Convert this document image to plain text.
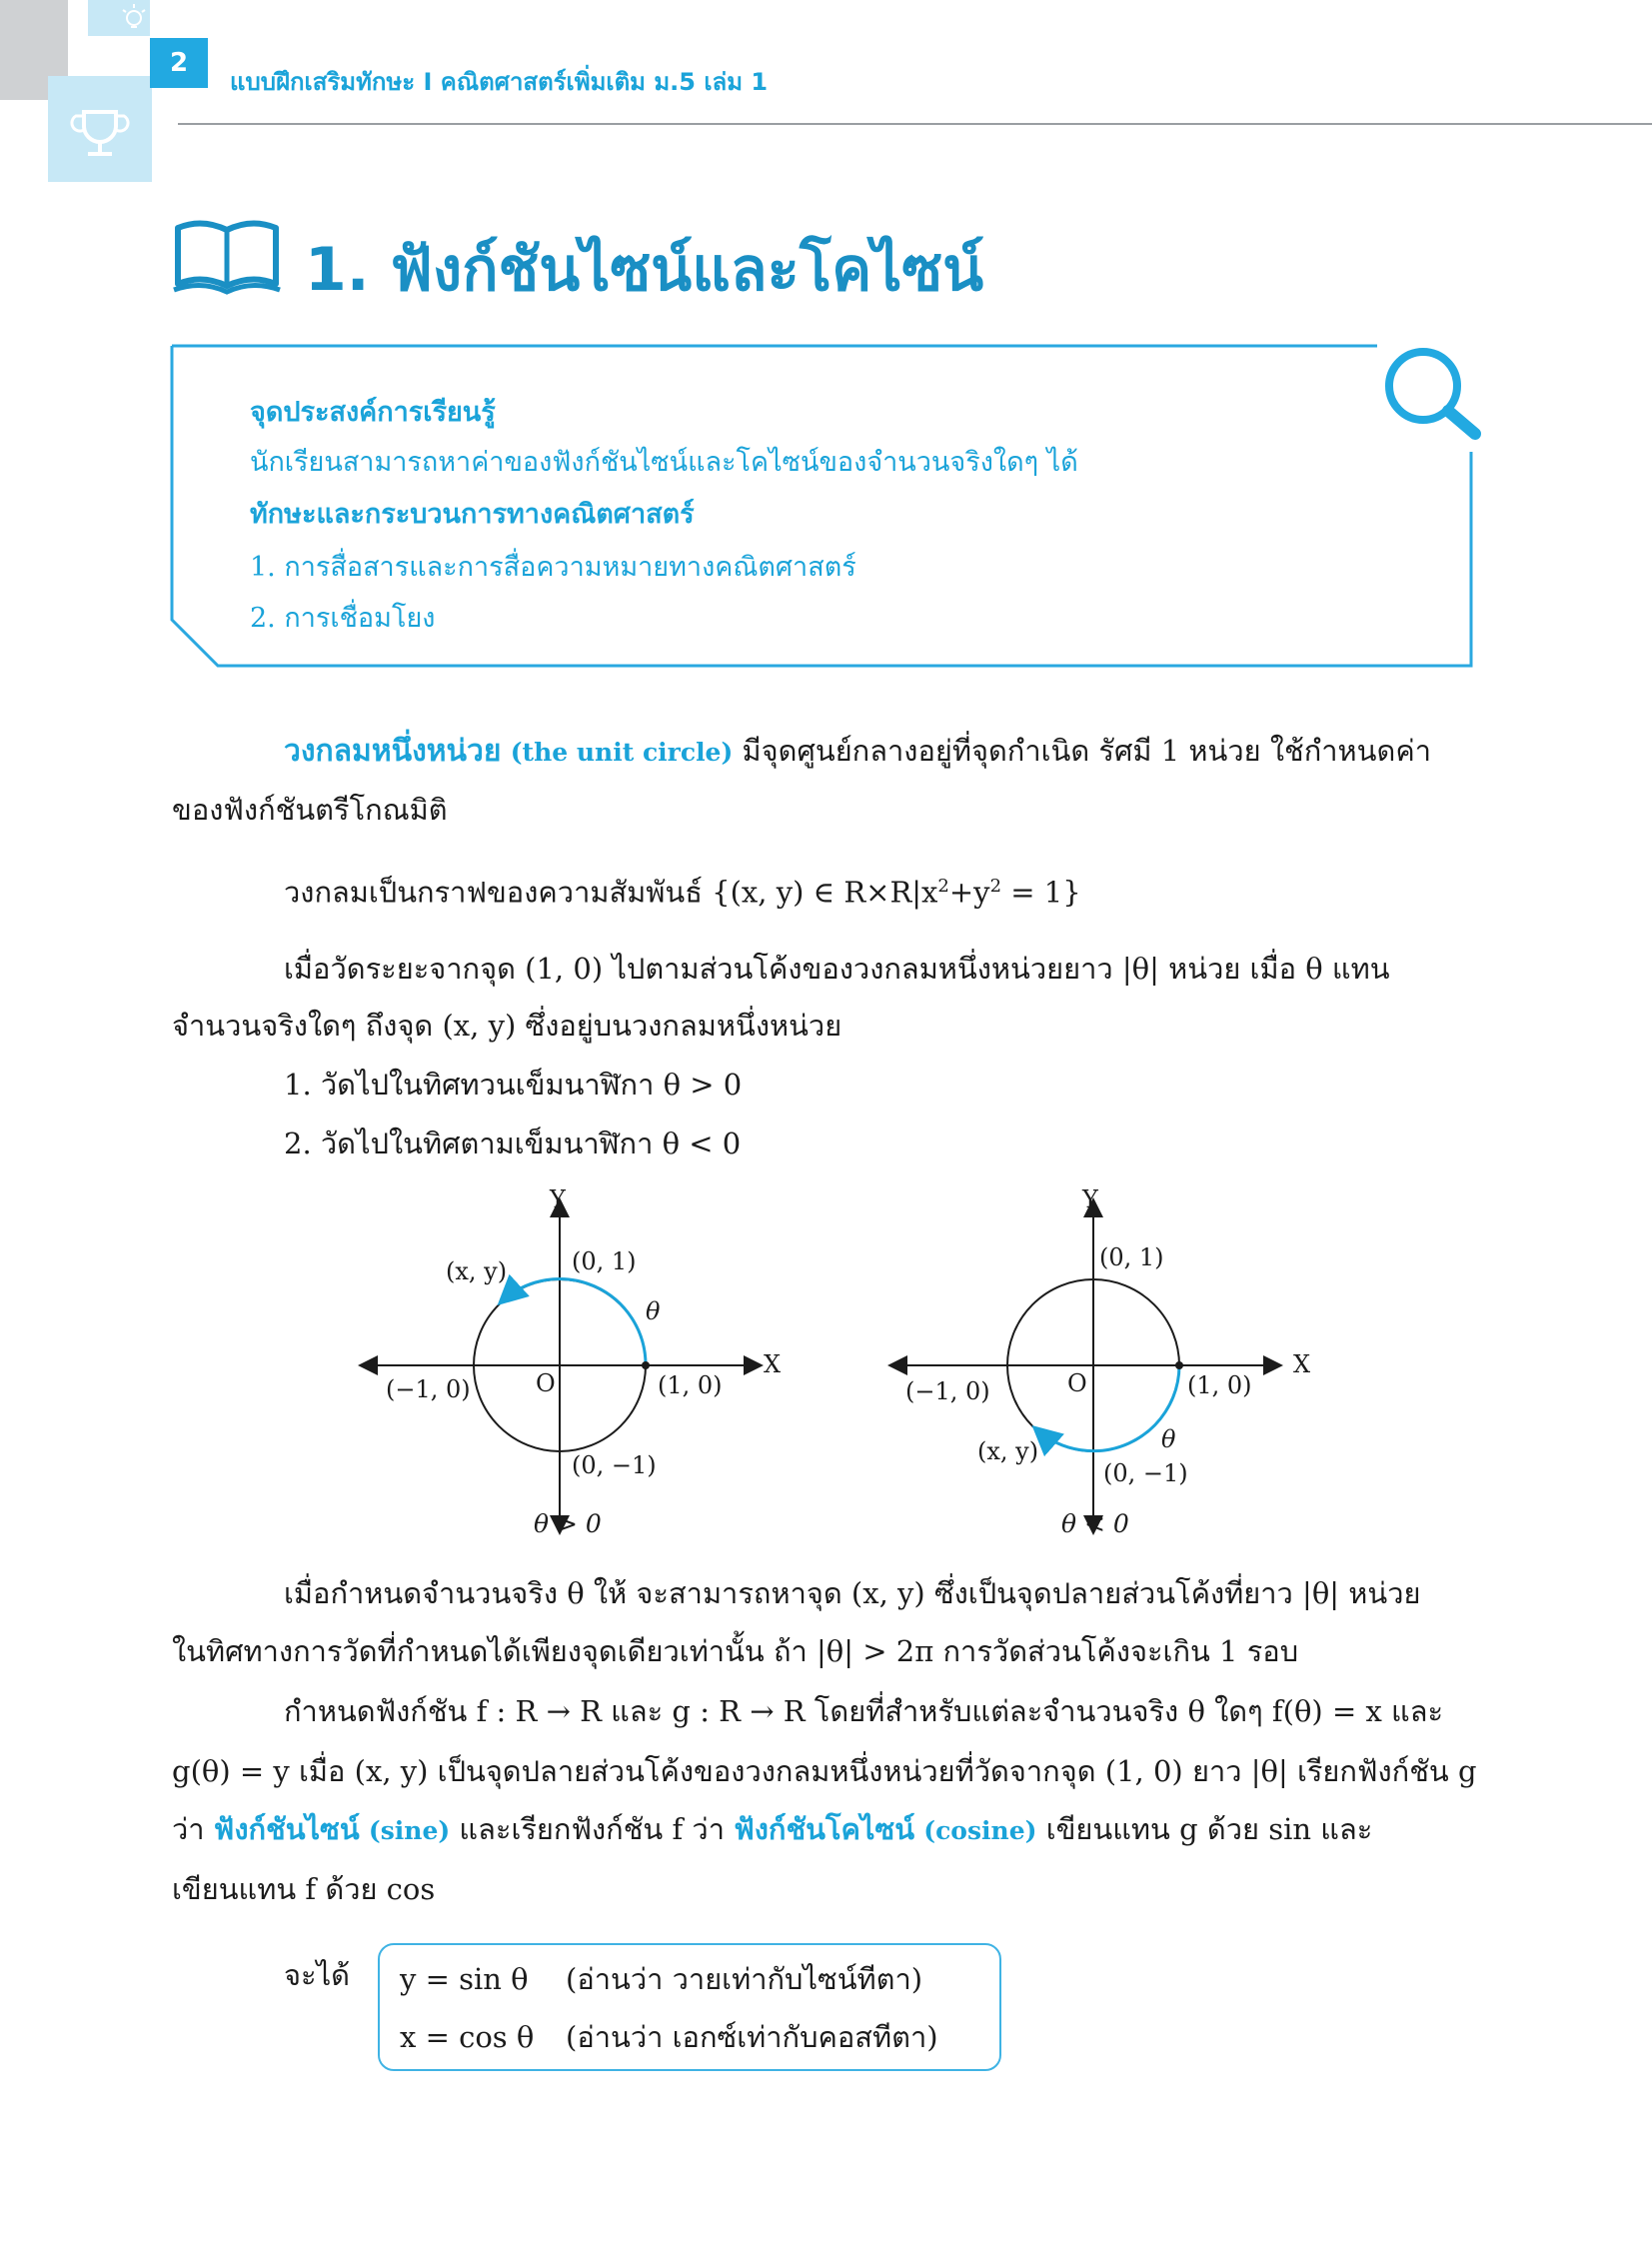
2
แบบฝึกเสริมทักษะ I คณิตศาสตร์เพิ่มเติม ม.5 เล่ม 1
1. ฟังก์ชันไซน์และโคไซน์
จุดประสงค์การเรียนรู้
นักเรียนสามารถหาค่าของฟังก์ชันไซน์และโคไซน์ของจำนวนจริงใดๆ ได้
ทักษะและกระบวนการทางคณิตศาสตร์
1. การสื่อสารและการสื่อความหมายทางคณิตศาสตร์
2. การเชื่อมโยง
วงกลมหนึ่งหน่วย (the unit circle) มีจุดศูนย์กลางอยู่ที่จุดกำเนิด รัศมี 1 หน่วย ใช้กำหนดค่า
ของฟังก์ชันตรีโกณมิติ
วงกลมเป็นกราฟของความสัมพันธ์ {(x, y) ∈ $R\times R|x^2+y^2 = 1$}
เมื่อวัดระยะจากจุด (1, 0) ไปตามส่วนโค้งของวงกลมหนึ่งหน่วยยาว |θ| หน่วย เมื่อ θ แทน
จำนวนจริงใดๆ ถึงจุด (x, y) ซึ่งอยู่บนวงกลมหนึ่งหน่วย
1. วัดไปในทิศทวนเข็มนาฬิกา θ > 0
2. วัดไปในทิศตามเข็มนาฬิกา θ < 0
Y
X
O
(0, 1)
(1, 0)
(−1, 0)
(0, −1)
(x, y)
θ
θ > 0
Y
X
O
(0, 1)
(1, 0)
(−1, 0)
(0, −1)
(x, y)	θ
θ < 0
เมื่อกำหนดจำนวนจริง θ ให้ จะสามารถหาจุด (x, y) ซึ่งเป็นจุดปลายส่วนโค้งที่ยาว |θ| หน่วย
ในทิศทางการวัดที่กำหนดได้เพียงจุดเดียวเท่านั้น ถ้า |θ| > 2π การวัดส่วนโค้งจะเกิน 1 รอบ
กำหนดฟังก์ชัน f : R → R และ g : R → R โดยที่สำหรับแต่ละจำนวนจริง θ ใดๆ f(θ) = x และ
g(θ) = y เมื่อ (x, y) เป็นจุดปลายส่วนโค้งของวงกลมหนึ่งหน่วยที่วัดจากจุด (1, 0) ยาว |θ| เรียกฟังก์ชัน g
ว่า ฟังก์ชันไซน์ (sine) และเรียกฟังก์ชัน f ว่า ฟังก์ชันโคไซน์ (cosine) เขียนแทน g ด้วย sin และ
เขียนแทน f ด้วย cos
จะได้ y = sin θ (อ่านว่า วายเท่ากับไซน์ทีตา)
x = cos θ (อ่านว่า เอกซ์เท่ากับคอสทีตา)
